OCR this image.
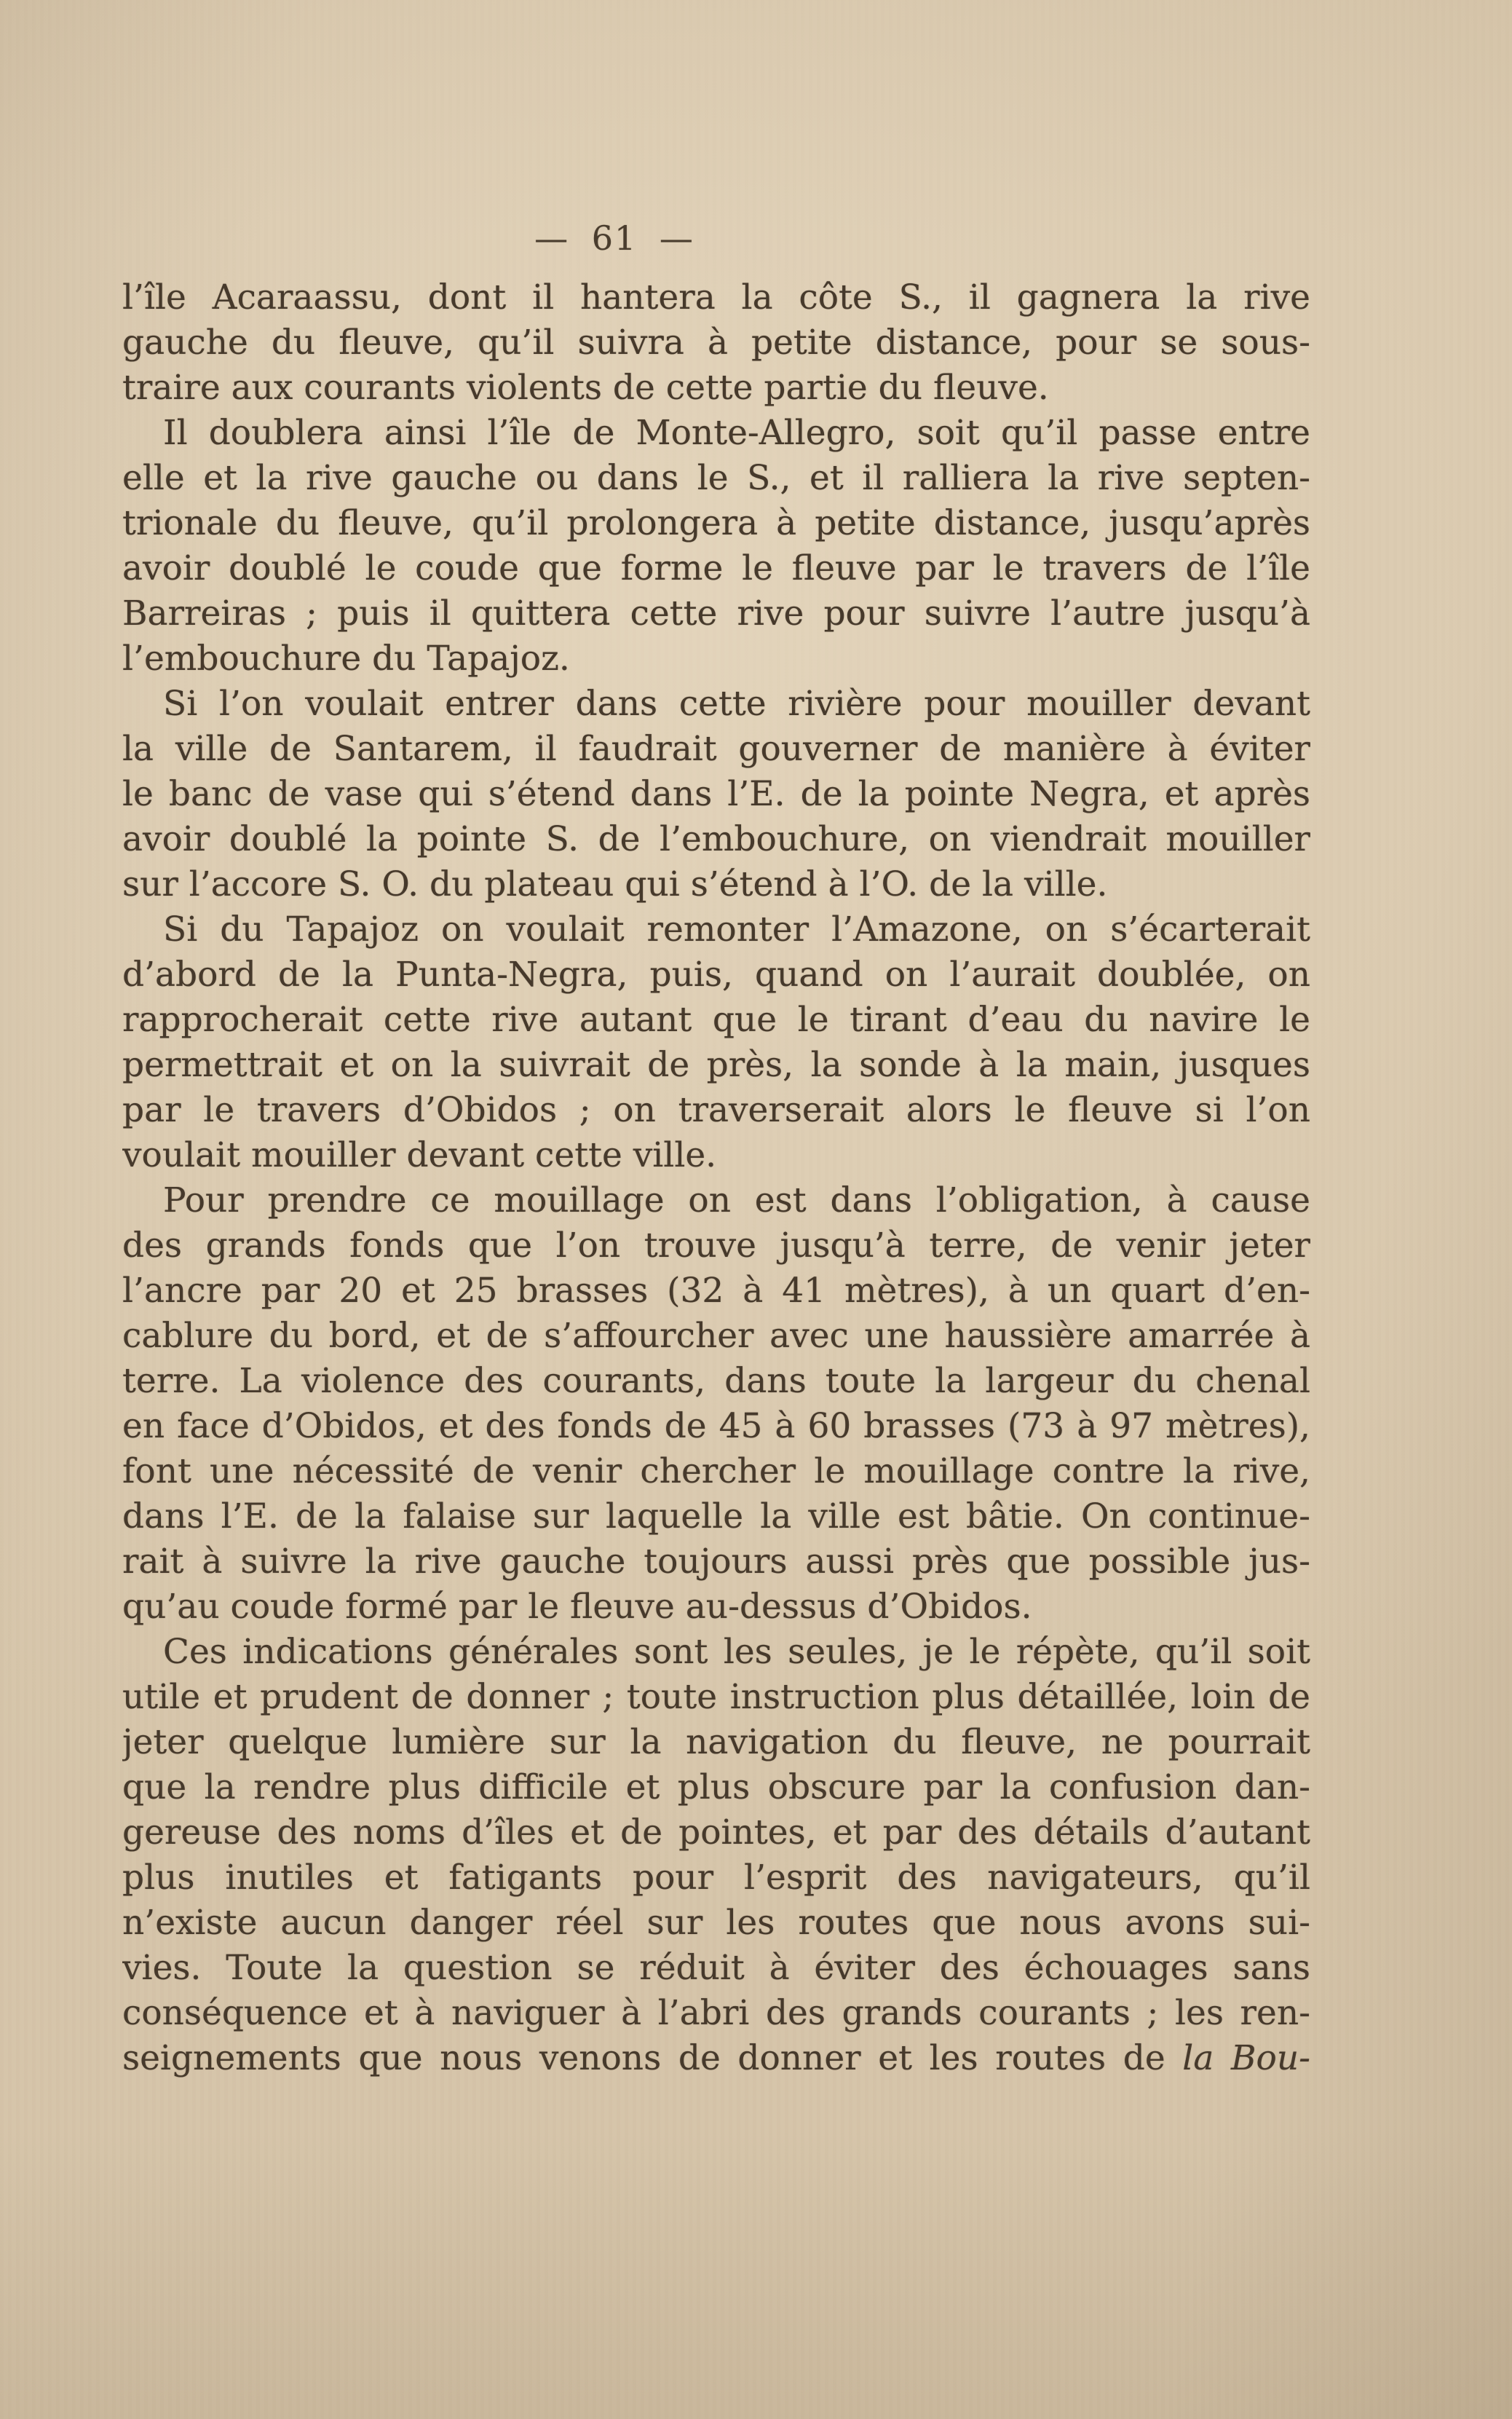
— 61 —
l’île Acaraassu, dont il hantera la côte S., il gagnera la rive
gauche du fleuve, qu’il suivra à petite distance, pour se sous-
traire aux courants violents de cette partie du fleuve.
Il doublera ainsi l’île de Monte-Allegro, soit qu’il passe entre
elle et la rive gauche ou dans le S., et il ralliera la rive septen-
trionale du fleuve, qu’il prolongera à petite distance, jusqu’après
avoir doublé le coude que forme le fleuve par le travers de l’île
Barreiras ; puis il quittera cette rive pour suivre l’autre jusqu’à
l’embouchure du Tapajoz.
Si l’on voulait entrer dans cette rivière pour mouiller devant
la ville de Santarem, il faudrait gouverner de manière à éviter
le banc de vase qui s’étend dans l’E. de la pointe Negra, et après
avoir doublé la pointe S. de l’embouchure, on viendrait mouiller
sur l’accore S. O. du plateau qui s’étend à l’O. de la ville.
Si du Tapajoz on voulait remonter l’Amazone, on s’écarterait
d’abord de la Punta-Negra, puis, quand on l’aurait doublée, on
rapprocherait cette rive autant que le tirant d’eau du navire le
permettrait et on la suivrait de près, la sonde à la main, jusques
par le travers d’Obidos ; on traverserait alors le fleuve si l’on
voulait mouiller devant cette ville.
Pour prendre ce mouillage on est dans l’obligation, à cause
des grands fonds que l’on trouve jusqu’à terre, de venir jeter
l’ancre par 20 et 25 brasses (32 à 41 mètres), à un quart d’en-
cablure du bord, et de s’affourcher avec une haussière amarrée à
terre. La violence des courants, dans toute la largeur du chenal
en face d’Obidos, et des fonds de 45 à 60 brasses (73 à 97 mètres),
font une nécessité de venir chercher le mouillage contre la rive,
dans l’E. de la falaise sur laquelle la ville est bâtie. On continue-
rait à suivre la rive gauche toujours aussi près que possible jus-
qu’au coude formé par le fleuve au-dessus d’Obidos.
Ces indications générales sont les seules, je le répète, qu’il soit
utile et prudent de donner ; toute instruction plus détaillée, loin de
jeter quelque lumière sur la navigation du fleuve, ne pourrait
que la rendre plus difficile et plus obscure par la confusion dan-
gereuse des noms d’îles et de pointes, et par des détails d’autant
plus inutiles et fatigants pour l’esprit des navigateurs, qu’il
n’existe aucun danger réel sur les routes que nous avons sui-
vies. Toute la question se réduit à éviter des échouages sans
conséquence et à naviguer à l’abri des grands courants ; les ren-
seignements que nous venons de donner et les routes de la Bou-
